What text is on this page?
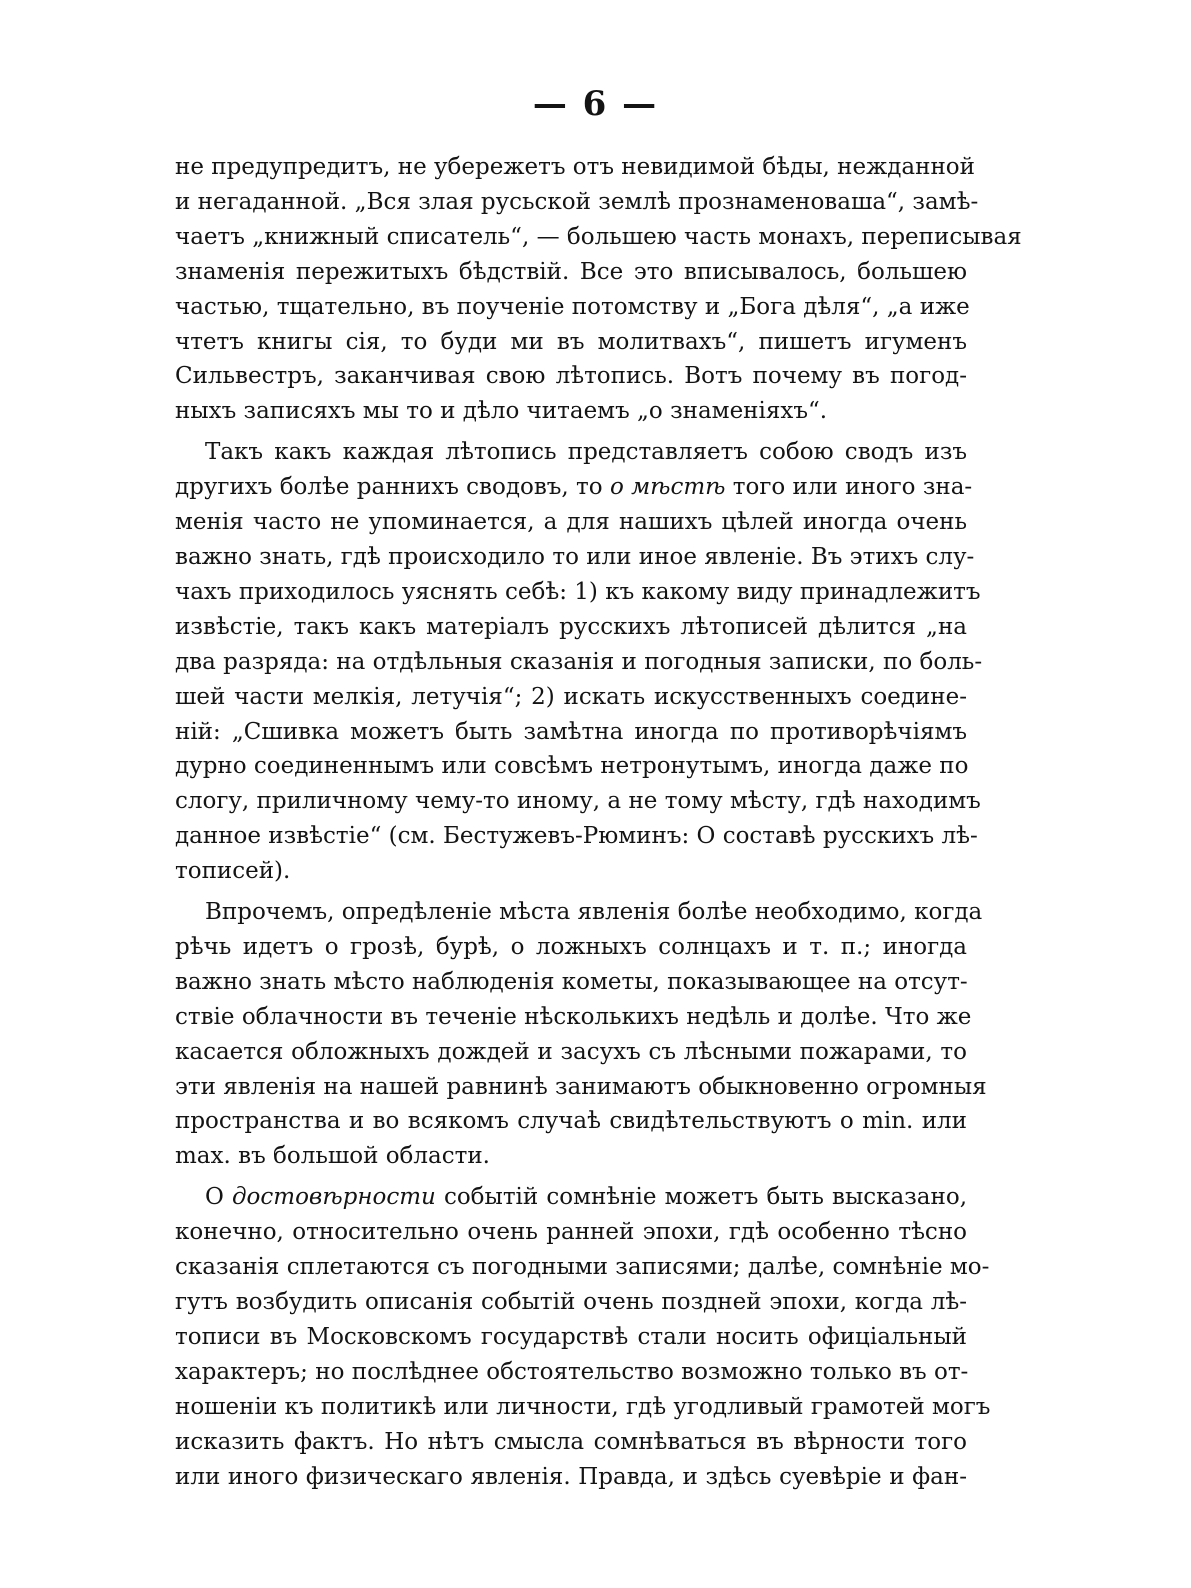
— 6 —

не предупредитъ, не убережетъ отъ невидимой бѣды, нежданной
и негаданной. „Вся злая русьской землѣ прознаменоваша“, замѣ-
чаетъ „книжный списатель“, — большею часть монахъ, переписывая
знаменія пережитыхъ бѣдствій. Все это вписывалось, большею
частью, тщательно, въ поученіе потомству и „Бога дѣля“, „а иже
чтетъ книгы сія, то буди ми въ молитвахъ“, пишетъ игуменъ
Сильвестръ, заканчивая свою лѣтопись. Вотъ почему въ погод-
ныхъ записяхъ мы то и дѣло читаемъ „о знаменіяхъ“.

Такъ какъ каждая лѣтопись представляетъ собою сводъ изъ
другихъ болѣе раннихъ сводовъ, то о мѣстѣ того или иного зна-
менія часто не упоминается, а для нашихъ цѣлей иногда очень
важно знать, гдѣ происходило то или иное явленіе. Въ этихъ слу-
чахъ приходилось уяснять себѣ: 1) къ какому виду принадлежитъ
извѣстіе, такъ какъ матеріалъ русскихъ лѣтописей дѣлится „на
два разряда: на отдѣльныя сказанія и погодныя записки, по боль-
шей части мелкія, летучія“; 2) искать искусственныхъ соедине-
ній: „Сшивка можетъ быть замѣтна иногда по противорѣчіямъ
дурно соединеннымъ или совсѣмъ нетронутымъ, иногда даже по
слогу, приличному чему-то иному, а не тому мѣсту, гдѣ находимъ
данное извѣстіе“ (см. Бестужевъ-Рюминъ: О составѣ русскихъ лѣ-
тописей).

Впрочемъ, опредѣленіе мѣста явленія болѣе необходимо, когда
рѣчь идетъ о грозѣ, бурѣ, о ложныхъ солнцахъ и т. п.; иногда
важно знать мѣсто наблюденія кометы, показывающее на отсут-
ствіе облачности въ теченіе нѣсколькихъ недѣль и долѣе. Что же
касается обложныхъ дождей и засухъ съ лѣсными пожарами, то
эти явленія на нашей равнинѣ занимаютъ обыкновенно огромныя
пространства и во всякомъ случаѣ свидѣтельствуютъ о min. или
max. въ большой области.

О достовѣрности событій сомнѣніе можетъ быть высказано,
конечно, относительно очень ранней эпохи, гдѣ особенно тѣсно
сказанія сплетаются съ погодными записями; далѣе, сомнѣніе мо-
гутъ возбудить описанія событій очень поздней эпохи, когда лѣ-
тописи въ Московскомъ государствѣ стали носить офиціальный
характеръ; но послѣднее обстоятельство возможно только въ от-
ношеніи къ политикѣ или личности, гдѣ угодливый грамотей могъ
исказить фактъ. Но нѣтъ смысла сомнѣваться въ вѣрности того
или иного физическаго явленія. Правда, и здѣсь суевѣріе и фан-
